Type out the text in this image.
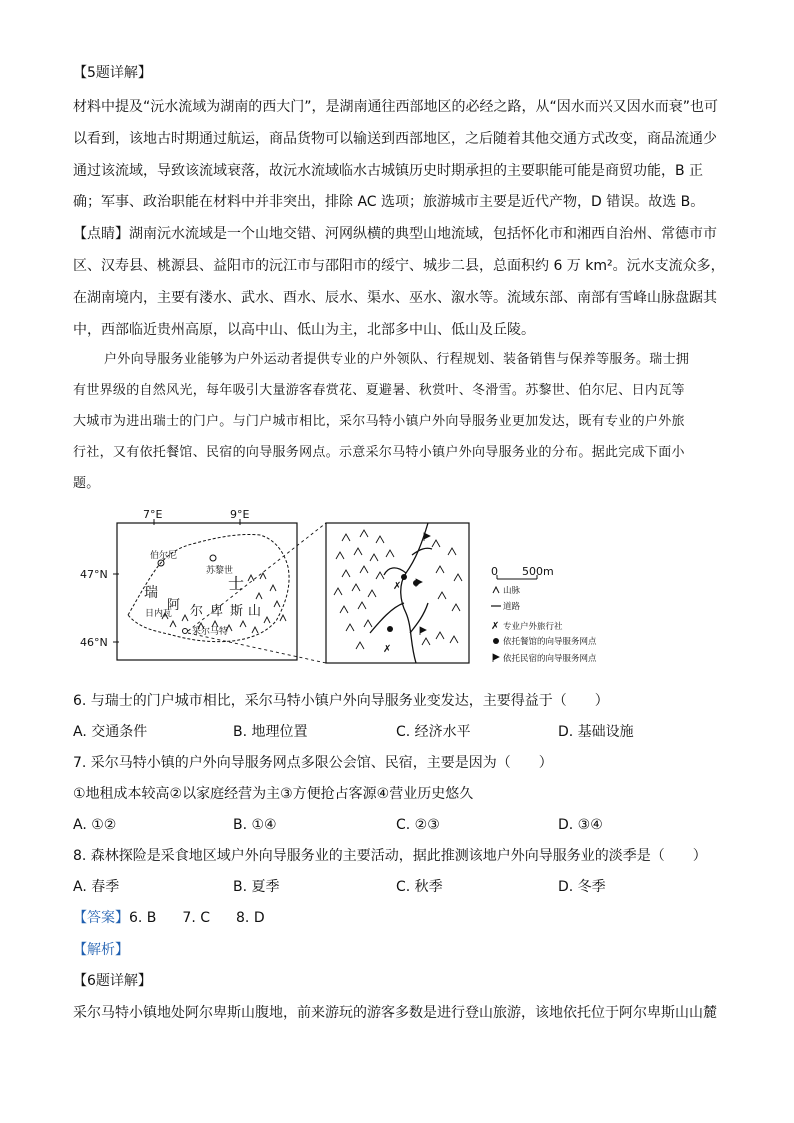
【5题详解】
材料中提及“沅水流域为湖南的西大门”，是湖南通往西部地区的必经之路，从“因水而兴又因水而衰”也可
以看到，该地古时期通过航运，商品货物可以输送到西部地区，之后随着其他交通方式改变，商品流通少
通过该流域，导致该流域衰落，故沅水流域临水古城镇历史时期承担的主要职能可能是商贸功能，B 正
确；军事、政治职能在材料中并非突出，排除 AC 选项；旅游城市主要是近代产物，D 错误。故选 B。
【点睛】湖南沅水流域是一个山地交错、河网纵横的典型山地流域，包括怀化市和湘西自治州、常德市市
区、汉寿县、桃源县、益阳市的沅江市与邵阳市的绥宁、城步二县，总面积约 6 万 km²。沅水支流众多，
在湖南境内，主要有溇水、武水、酉水、辰水、渠水、巫水、溆水等。流域东部、南部有雪峰山脉盘踞其
中，西部临近贵州高原，以高中山、低山为主，北部多中山、低山及丘陵。
户外向导服务业能够为户外运动者提供专业的户外领队、行程规划、装备销售与保养等服务。瑞士拥
有世界级的自然风光，每年吸引大量游客春赏花、夏避暑、秋赏叶、冬滑雪。苏黎世、伯尔尼、日内瓦等
大城市为进出瑞士的门户。与门户城市相比，采尔马特小镇户外向导服务业更加发达，既有专业的户外旅
行社，又有依托餐馆、民宿的向导服务网点。示意采尔马特小镇户外向导服务业的分布。据此完成下面小
题。
7°E	9°E
47°N
46°N
伯尔尼
苏黎世
日内瓦
采尔马特
瑞	士
阿 尔 卑 斯 山
✗
✗
0 500m
山脉
道路
✗ 专业户外旅行社
依托餐馆的向导服务网点
依托民宿的向导服务网点
6. 与瑞士的门户城市相比，采尔马特小镇户外向导服务业变发达，主要得益于（　　）
A. 交通条件	B. 地理位置	C. 经济水平	D. 基础设施
7. 采尔马特小镇的户外向导服务网点多限公会馆、民宿，主要是因为（　　）
①地租成本较高②以家庭经营为主③方便抢占客源④营业历史悠久
A. ①②	B. ①④	C. ②③	D. ③④
8. 森林探险是采食地区域户外向导服务业的主要活动，据此推测该地户外向导服务业的淡季是（　　）
A. 春季	B. 夏季	C. 秋季	D. 冬季
【答案】6. B 7. C 8. D
【解析】
【6题详解】
采尔马特小镇地处阿尔卑斯山腹地，前来游玩的游客多数是进行登山旅游，该地依托位于阿尔卑斯山山麓
